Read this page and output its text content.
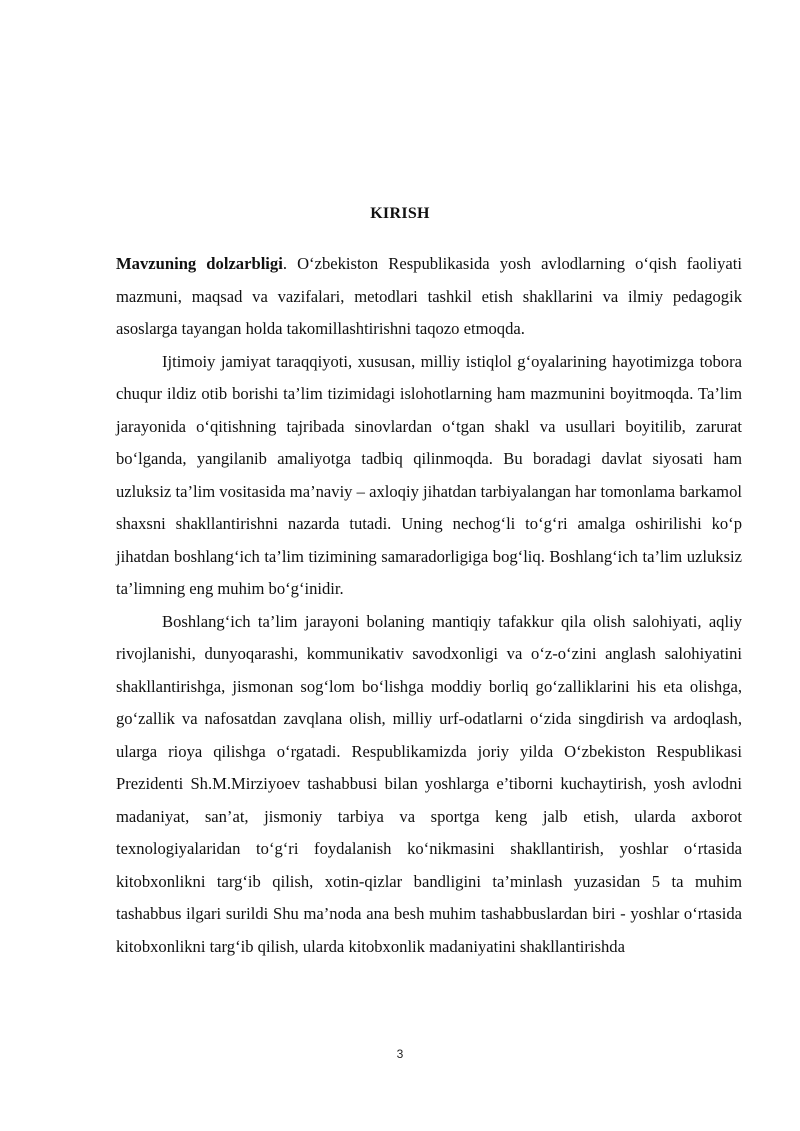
KIRISH

Mavzuning dolzarbligi. O‘zbekiston Respublikasida yosh avlodlarning o‘qish faoliyati mazmuni, maqsad va vazifalari, metodlari tashkil etish shakllarini va ilmiy pedagogik asoslarga tayangan holda takomillashtirishni taqozo etmoqda.

Ijtimoiy jamiyat taraqqiyoti, xususan, milliy istiqlol g‘oyalarining hayotimizga tobora chuqur ildiz otib borishi ta’lim tizimidagi islohotlarning ham mazmunini boyitmoqda. Ta’lim jarayonida o‘qitishning tajribada sinovlardan o‘tgan shakl va usullari boyitilib, zarurat bo‘lganda, yangilanib amaliyotga tadbiq qilinmoqda. Bu boradagi davlat siyosati ham uzluksiz ta’lim vositasida ma’naviy – axloqiy jihatdan tarbiyalangan har tomonlama barkamol shaxsni shakllantirishni nazarda tutadi. Uning nechog‘li to‘g‘ri amalga oshirilishi ko‘p jihatdan boshlang‘ich ta’lim tizimining samaradorligiga bog‘liq. Boshlang‘ich ta’lim uzluksiz ta’limning eng muhim bo‘g‘inidir.

Boshlang‘ich ta’lim jarayoni bolaning mantiqiy tafakkur qila olish salohiyati, aqliy rivojlanishi, dunyoqarashi, kommunikativ savodxonligi va o‘z-o‘zini anglash salohiyatini shakllantirishga, jismonan sog‘lom bo‘lishga moddiy borliq go‘zalliklarini his eta olishga, go‘zallik va nafosatdan zavqlana olish, milliy urf-odatlarni o‘zida singdirish va ardoqlash, ularga rioya qilishga o‘rgatadi. Respublikamizda joriy yilda O‘zbekiston Respublikasi Prezidenti Sh.M.Mirziyoev tashabbusi bilan yoshlarga e’tiborni kuchaytirish, yosh avlodni madaniyat, san’at, jismoniy tarbiya va sportga keng jalb etish, ularda axborot texnologiyalaridan to‘g‘ri foydalanish ko‘nikmasini shakllantirish, yoshlar o‘rtasida kitobxonlikni targ‘ib qilish, xotin-qizlar bandligini ta’minlash yuzasidan 5 ta muhim tashabbus ilgari surildi Shu ma’noda ana besh muhim tashabbuslardan biri - yoshlar o‘rtasida kitobxonlikni targ‘ib qilish, ularda kitobxonlik madaniyatini shakllantirishda

3
